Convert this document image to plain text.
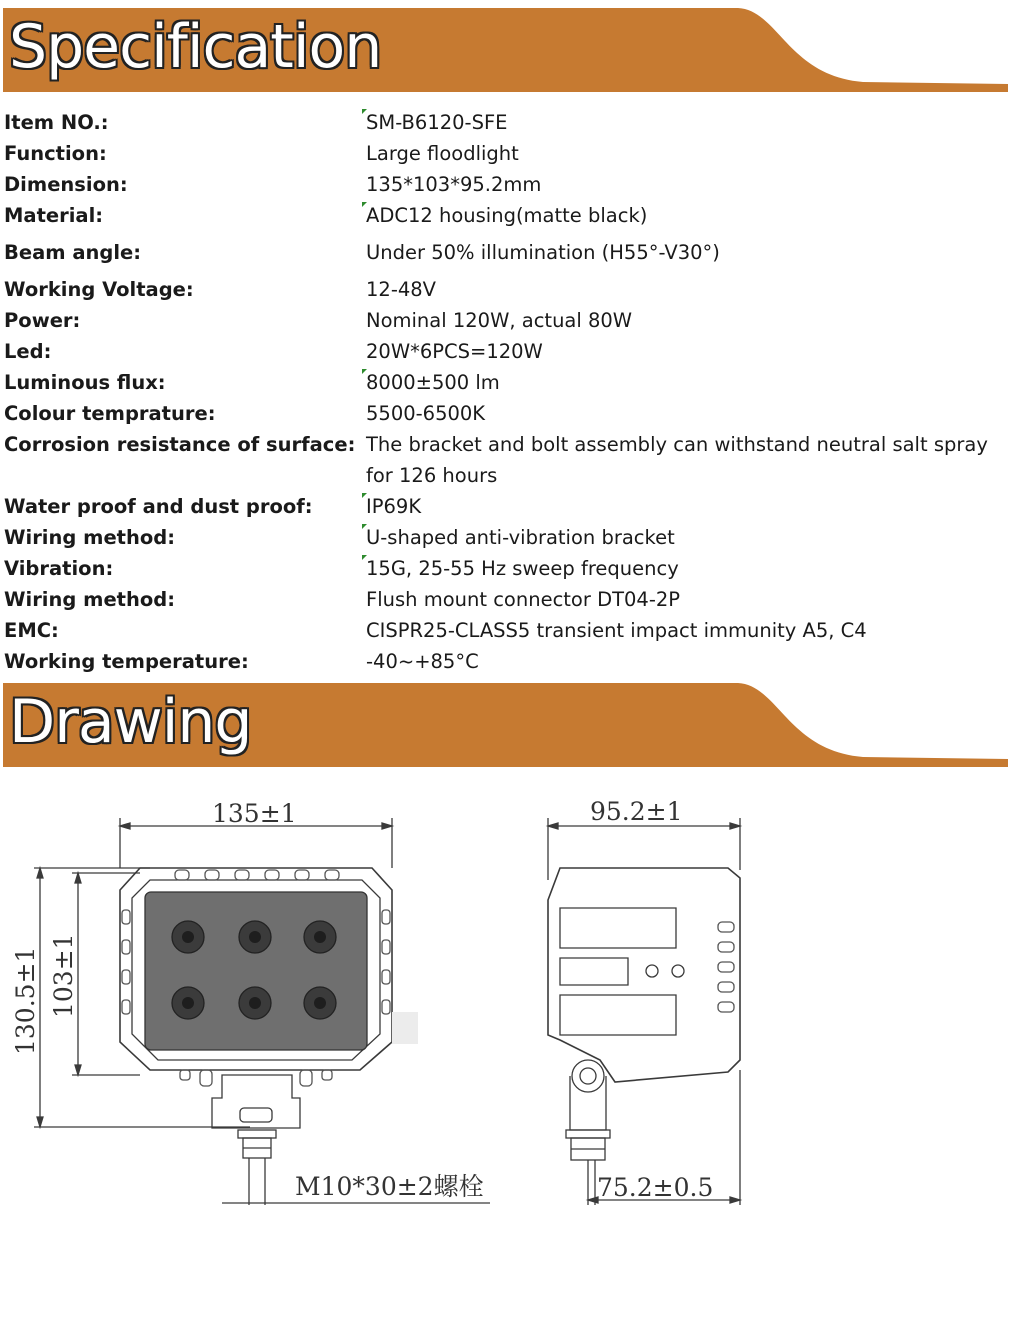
Specification
Item NO.:	SM-B6120-SFE
Function:	Large floodlight
Dimension:	135*103*95.2mm
Material:	ADC12 housing(matte black)
Beam angle:	Under 50% illumination (H55°-V30°)
Working Voltage:	12-48V
Power:	Nominal 120W, actual 80W
Led:	20W*6PCS=120W
Luminous flux:	8000±500 lm
Colour temprature:	5500-6500K
Corrosion resistance of surface: The bracket and bolt assembly can withstand neutral salt spray for 126 hours
Water proof and dust proof:	IP69K
Wiring method:	U-shaped anti-vibration bracket
Vibration:	15G, 25-55 Hz sweep frequency
Wiring method:	Flush mount connector DT04-2P
EMC:	CISPR25-CLASS5 transient impact immunity A5, C4
Working temperature:	-40~+85°C
Drawing
135±1
130.5±1 103±1
M10*30±2螺栓
95.2±1
75.2±0.5
